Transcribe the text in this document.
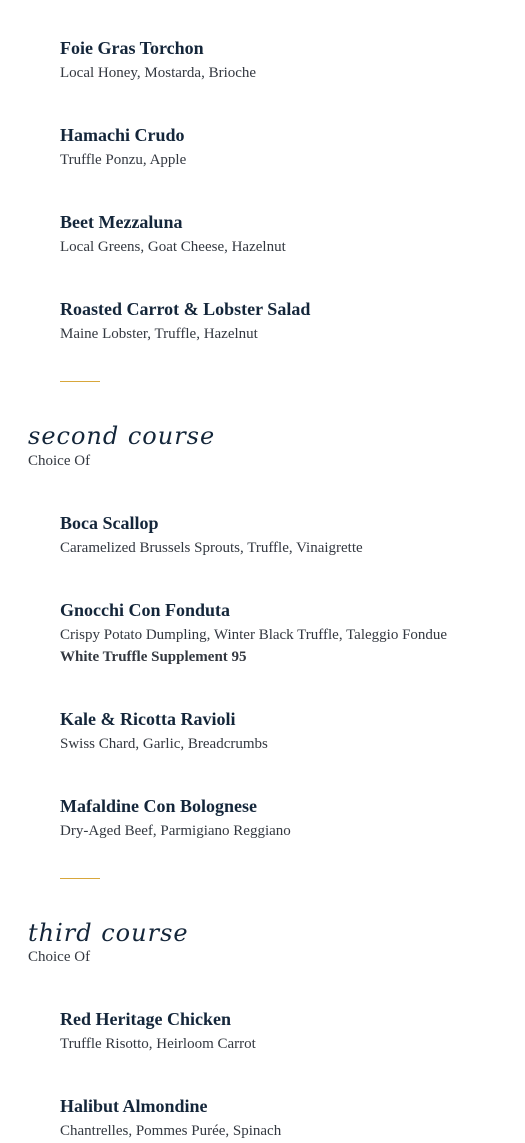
Foie Gras Torchon
Local Honey, Mostarda, Brioche
Hamachi Crudo
Truffle Ponzu, Apple
Beet Mezzaluna
Local Greens, Goat Cheese, Hazelnut
Roasted Carrot & Lobster Salad
Maine Lobster, Truffle, Hazelnut
second course
Choice Of
Boca Scallop
Caramelized Brussels Sprouts, Truffle, Vinaigrette
Gnocchi Con Fonduta
Crispy Potato Dumpling, Winter Black Truffle, Taleggio Fondue
White Truffle Supplement 95
Kale & Ricotta Ravioli
Swiss Chard, Garlic, Breadcrumbs
Mafaldine Con Bolognese
Dry-Aged Beef, Parmigiano Reggiano
third course
Choice Of
Red Heritage Chicken
Truffle Risotto, Heirloom Carrot
Halibut Almondine
Chantrelles, Pommes Purée, Spinach
